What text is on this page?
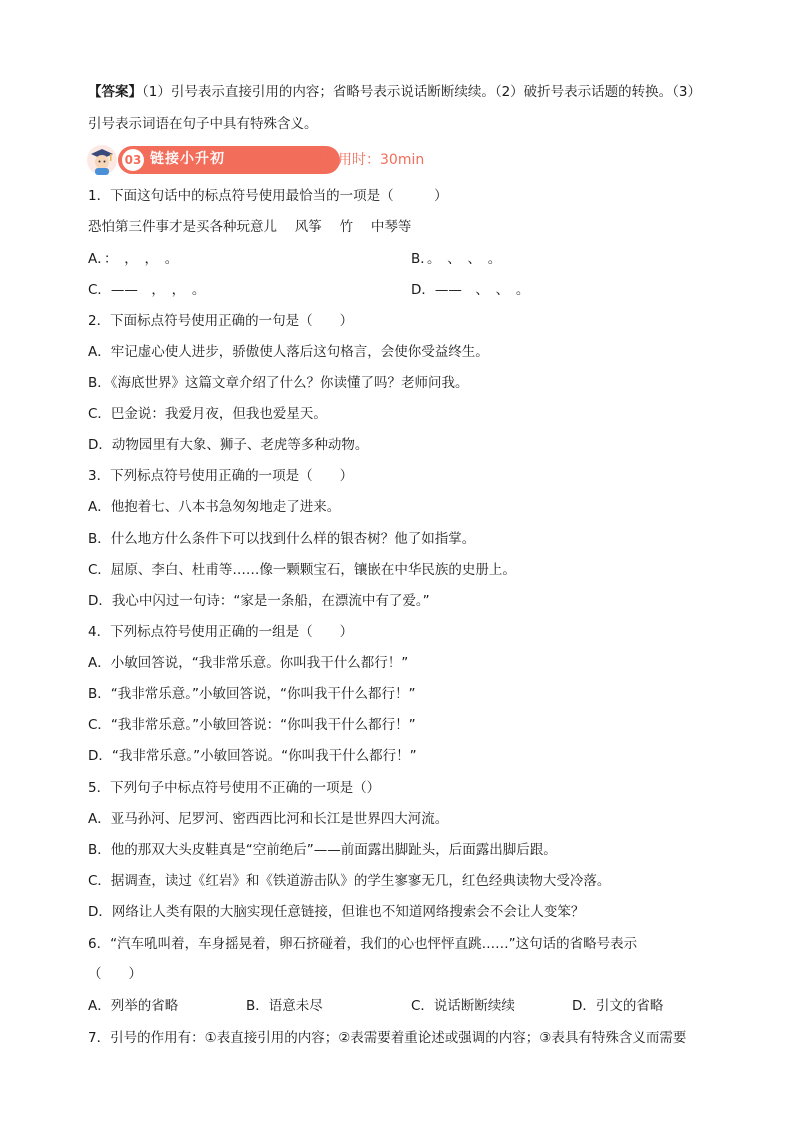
【答案】（1）引号表示直接引用的内容；省略号表示说话断断续续。（2）破折号表示话题的转换。（3）
引号表示词语在句子中具有特殊含义。
03 链接小升初 >> 建议用时：30min
1．下面这句话中的标点符号使用最恰当的一项是（　　　）
恐怕第三件事才是买各种玩意儿　 风筝　 竹　 中琴等
A．：　，　，　。	B．。　、　、　。
C．——　，　，　。	D．——　、　、　。
2．下面标点符号使用正确的一句是（　　）
A．牢记虚心使人进步，骄傲使人落后这句格言，会使你受益终生。
B．《海底世界》这篇文章介绍了什么？你读懂了吗？老师问我。
C．巴金说：我爱月夜，但我也爱星天。
D．动物园里有大象、狮子、老虎等多种动物。
3．下列标点符号使用正确的一项是（　　）
A．他抱着七、八本书急匆匆地走了进来。
B．什么地方什么条件下可以找到什么样的银杏树？他了如指掌。
C．屈原、李白、杜甫等……像一颗颗宝石，镶嵌在中华民族的史册上。
D．我心中闪过一句诗：“家是一条船，在漂流中有了爱。”
4．下列标点符号使用正确的一组是（　　）
A．小敏回答说，“我非常乐意。你叫我干什么都行！”
B．“我非常乐意。”小敏回答说，“你叫我干什么都行！”
C．“我非常乐意。”小敏回答说：“你叫我干什么都行！”
D．“我非常乐意。”小敏回答说。“你叫我干什么都行！”
5．下列句子中标点符号使用不正确的一项是（）
A．亚马孙河、尼罗河、密西西比河和长江是世界四大河流。
B．他的那双大头皮鞋真是“空前绝后”——前面露出脚趾头，后面露出脚后跟。
C．据调查，读过《红岩》和《铁道游击队》的学生寥寥无几，红色经典读物大受冷落。
D．网络让人类有限的大脑实现任意链接，但谁也不知道网络搜索会不会让人变笨？
6．“汽车吼叫着，车身摇晃着，卵石挤碰着，我们的心也怦怦直跳……”这句话的省略号表示
（　　）
A．列举的省略	B．语意未尽	C．说话断断续续	D．引文的省略
7．引号的作用有：①表直接引用的内容；②表需要着重论述或强调的内容；③表具有特殊含义而需要
